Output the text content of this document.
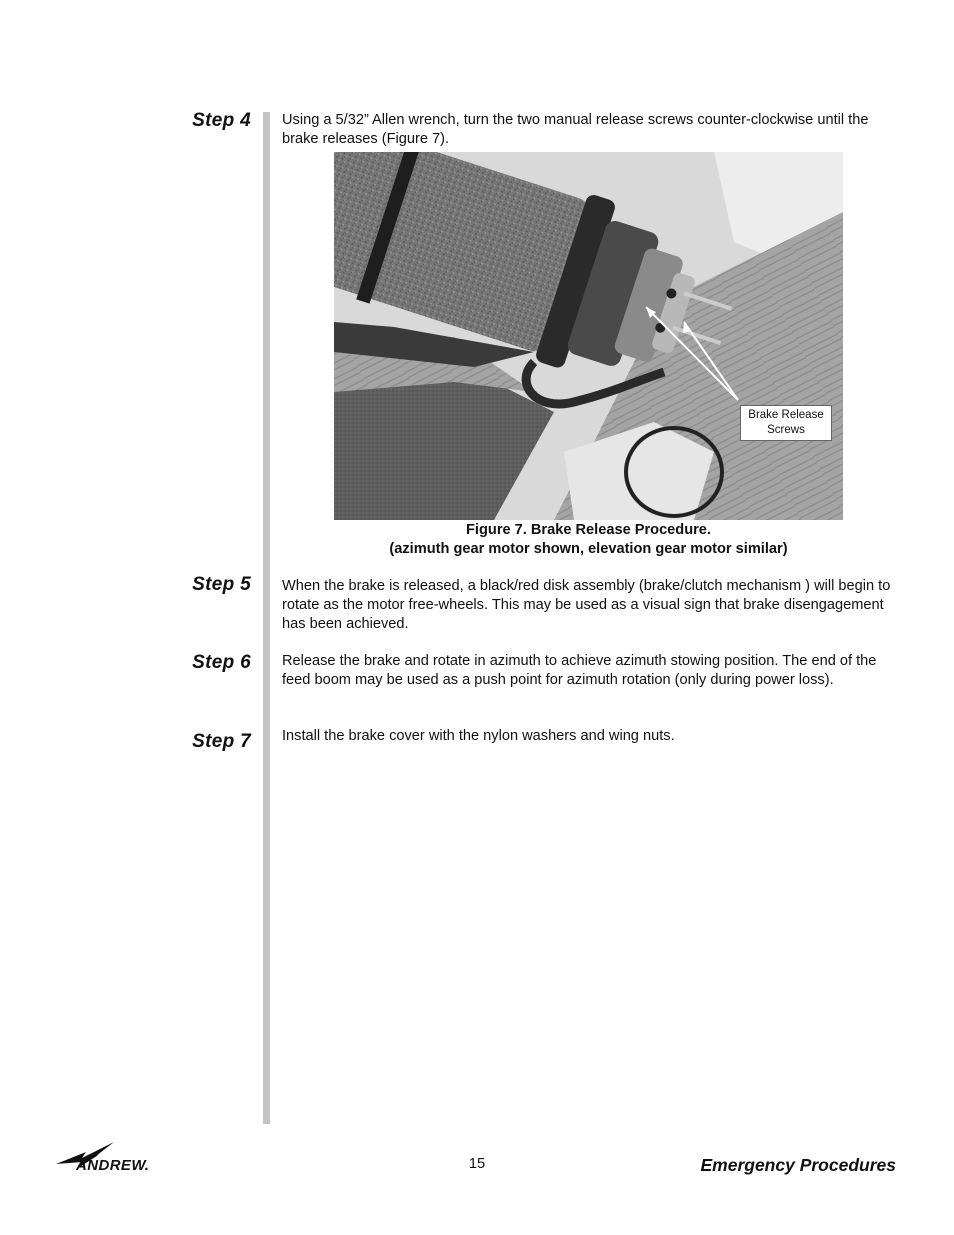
Step 4 Using a 5/32” Allen wrench, turn the two manual release screws counter-clockwise until the brake releases (Figure 7).
Brake Release
Screws
Figure 7. Brake Release Procedure.
(azimuth gear motor shown, elevation gear motor similar)
Step 5 When the brake is released, a black/red disk assembly (brake/clutch mechanism ) will begin to rotate as the motor free-wheels. This may be used as a visual sign that brake disengagement has been achieved.
Step 6 Release the brake and rotate in azimuth to achieve azimuth stowing position. The end of the feed boom may be used as a push point for azimuth rotation (only during power loss).
Step 7 Install the brake cover with the nylon washers and wing nuts.
ANDREW.	15	Emergency Procedures
